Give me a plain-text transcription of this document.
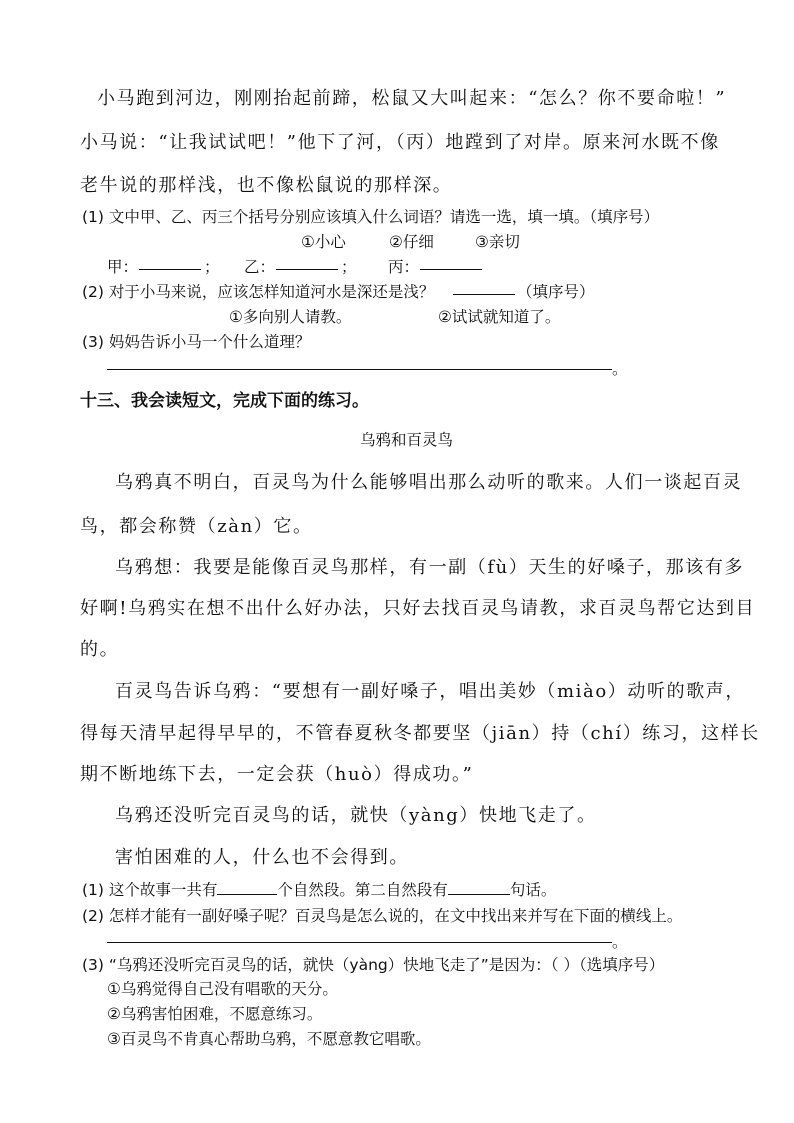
小马跑到河边，刚刚抬起前蹄，松鼠又大叫起来：“怎么？你不要命啦！”
小马说：“让我试试吧！”他下了河，（丙）地蹚到了对岸。原来河水既不像
老牛说的那样浅，也不像松鼠说的那样深。
(1) 文中甲、乙、丙三个括号分别应该填入什么词语？请选一选，填一填。（填序号）
①小心	②仔细	③亲切
甲：	； 乙：	； 丙：
(2) 对于小马来说，应该怎样知道河水是深还是浅？	（填序号）
①多向别人请教。	②试试就知道了。
(3) 妈妈告诉小马一个什么道理？
。
十三、我会读短文，完成下面的练习。
乌鸦和百灵鸟
乌鸦真不明白，百灵鸟为什么能够唱出那么动听的歌来。人们一谈起百灵
鸟，都会称赞（zàn）它。
乌鸦想：我要是能像百灵鸟那样，有一副（fù）天生的好嗓子，那该有多
好啊!乌鸦实在想不出什么好办法，只好去找百灵鸟请教，求百灵鸟帮它达到目
的。
百灵鸟告诉乌鸦：“要想有一副好嗓子，唱出美妙（miào）动听的歌声，
得每天清早起得早早的，不管春夏秋冬都要坚（jiān）持（chí）练习，这样长
期不断地练下去，一定会获（huò）得成功。”
乌鸦还没听完百灵鸟的话，就快（yàng）快地飞走了。
害怕困难的人，什么也不会得到。
(1) 这个故事一共有	个自然段。第二自然段有	句话。
(2) 怎样才能有一副好嗓子呢？百灵鸟是怎么说的，在文中找出来并写在下面的横线上。
。
(3) “乌鸦还没听完百灵鸟的话，就快（yàng）快地飞走了”是因为：（ ）（选填序号）
①乌鸦觉得自己没有唱歌的天分。
②乌鸦害怕困难，不愿意练习。
③百灵鸟不肯真心帮助乌鸦，不愿意教它唱歌。
